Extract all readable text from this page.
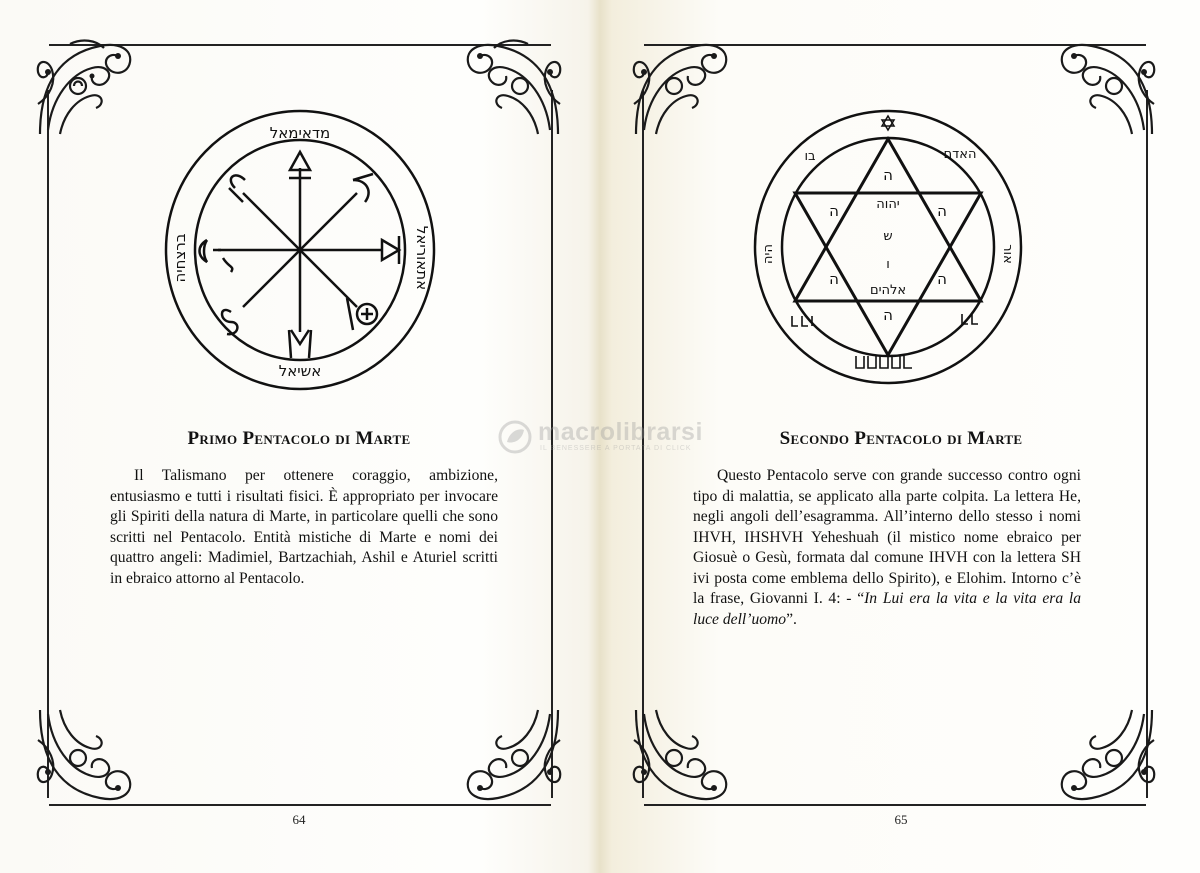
מדאימאל
ברצחיה	אתאוריאל
אשיאל
Primo Pentacolo di Marte

Il Talismano per ottenere coraggio, ambizione, entusiasmo e tutti i risultati fisici. È appropriato per invocare gli Spiriti della natura di Marte, in particolare quelli che sono scritti nel Pentacolo. Entità mistiche di Marte e nomi dei quattro angeli: Madimiel, Bartzachiah, Ashil e Aturiel scritti in ebraico attorno al Pentacolo.

64
ה
ה	ה
ה	ה
ה
יהוה
ש
ו
אלהים
בו	האדם
היה	אור
Secondo Pentacolo di Marte

Questo Pentacolo serve con grande successo contro ogni tipo di malattia, se applicato alla parte colpita. La lettera He, negli angoli dell’esagramma. All’interno dello stesso i nomi IHVH, IHSHVH Yeheshuah (il mistico nome ebraico per Giosuè o Gesù, formata dal comune IHVH con la lettera SH ivi posta come emblema dello Spirito), e Elohim. Intorno c’è la frase, Giovanni I. 4: - “In Lui era la vita e la vita era la luce dell’uomo”.

65
macrolibrarsi
IL BENESSERE A PORTATA DI CLICK
